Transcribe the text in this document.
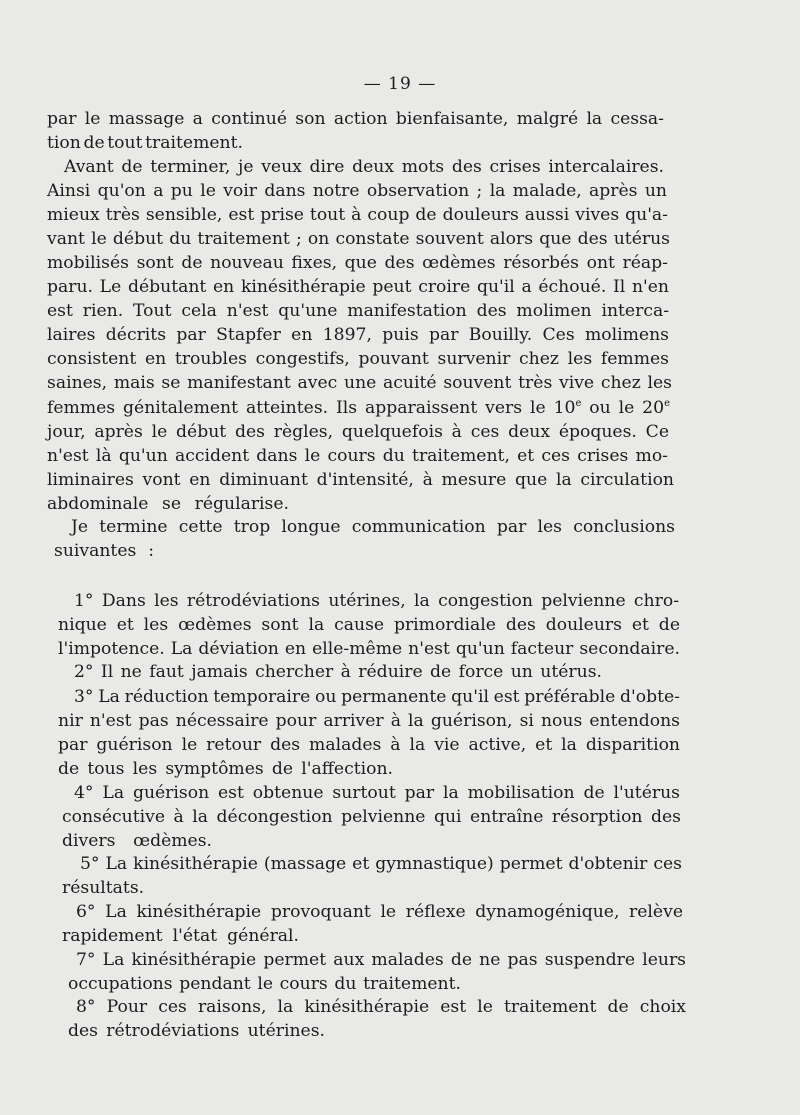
— 19 —
par le massage a continué son action bienfaisante, malgré la cessa-
tion de tout traitement.
Avant de terminer, je veux dire deux mots des crises intercalaires.
Ainsi qu'on a pu le voir dans notre observation ; la malade, après un
mieux très sensible, est prise tout à coup de douleurs aussi vives qu'a-
vant le début du traitement ; on constate souvent alors que des utérus
mobilisés sont de nouveau fixes, que des œdèmes résorbés ont réap-
paru. Le débutant en kinésithérapie peut croire qu'il a échoué. Il n'en
est rien. Tout cela n'est qu'une manifestation des molimen interca-
laires décrits par Stapfer en 1897, puis par Bouilly. Ces molimens
consistent en troubles congestifs, pouvant survenir chez les femmes
saines, mais se manifestant avec une acuité souvent très vive chez les
femmes génitalement atteintes. Ils apparaissent vers le 10e ou le 20e
jour, après le début des règles, quelquefois à ces deux époques. Ce
n'est là qu'un accident dans le cours du traitement, et ces crises mo-
liminaires vont en diminuant d'intensité, à mesure que la circulation
abdominale se régularise.
Je termine cette trop longue communication par les conclusions
suivantes :
1° Dans les rétrodéviations utérines, la congestion pelvienne chro-
nique et les œdèmes sont la cause primordiale des douleurs et de
l'impotence. La déviation en elle-même n'est qu'un facteur secondaire.
2° Il ne faut jamais chercher à réduire de force un utérus.
3° La réduction temporaire ou permanente qu'il est préférable d'obte-
nir n'est pas nécessaire pour arriver à la guérison, si nous entendons
par guérison le retour des malades à la vie active, et la disparition
de tous les symptômes de l'affection.
4° La guérison est obtenue surtout par la mobilisation de l'utérus
consécutive à la décongestion pelvienne qui entraîne résorption des
divers œdèmes.
5° La kinésithérapie (massage et gymnastique) permet d'obtenir ces
résultats.
6° La kinésithérapie provoquant le réflexe dynamogénique, relève
rapidement l'état général.
7° La kinésithérapie permet aux malades de ne pas suspendre leurs
occupations pendant le cours du traitement.
8° Pour ces raisons, la kinésithérapie est le traitement de choix
des rétrodéviations utérines.
